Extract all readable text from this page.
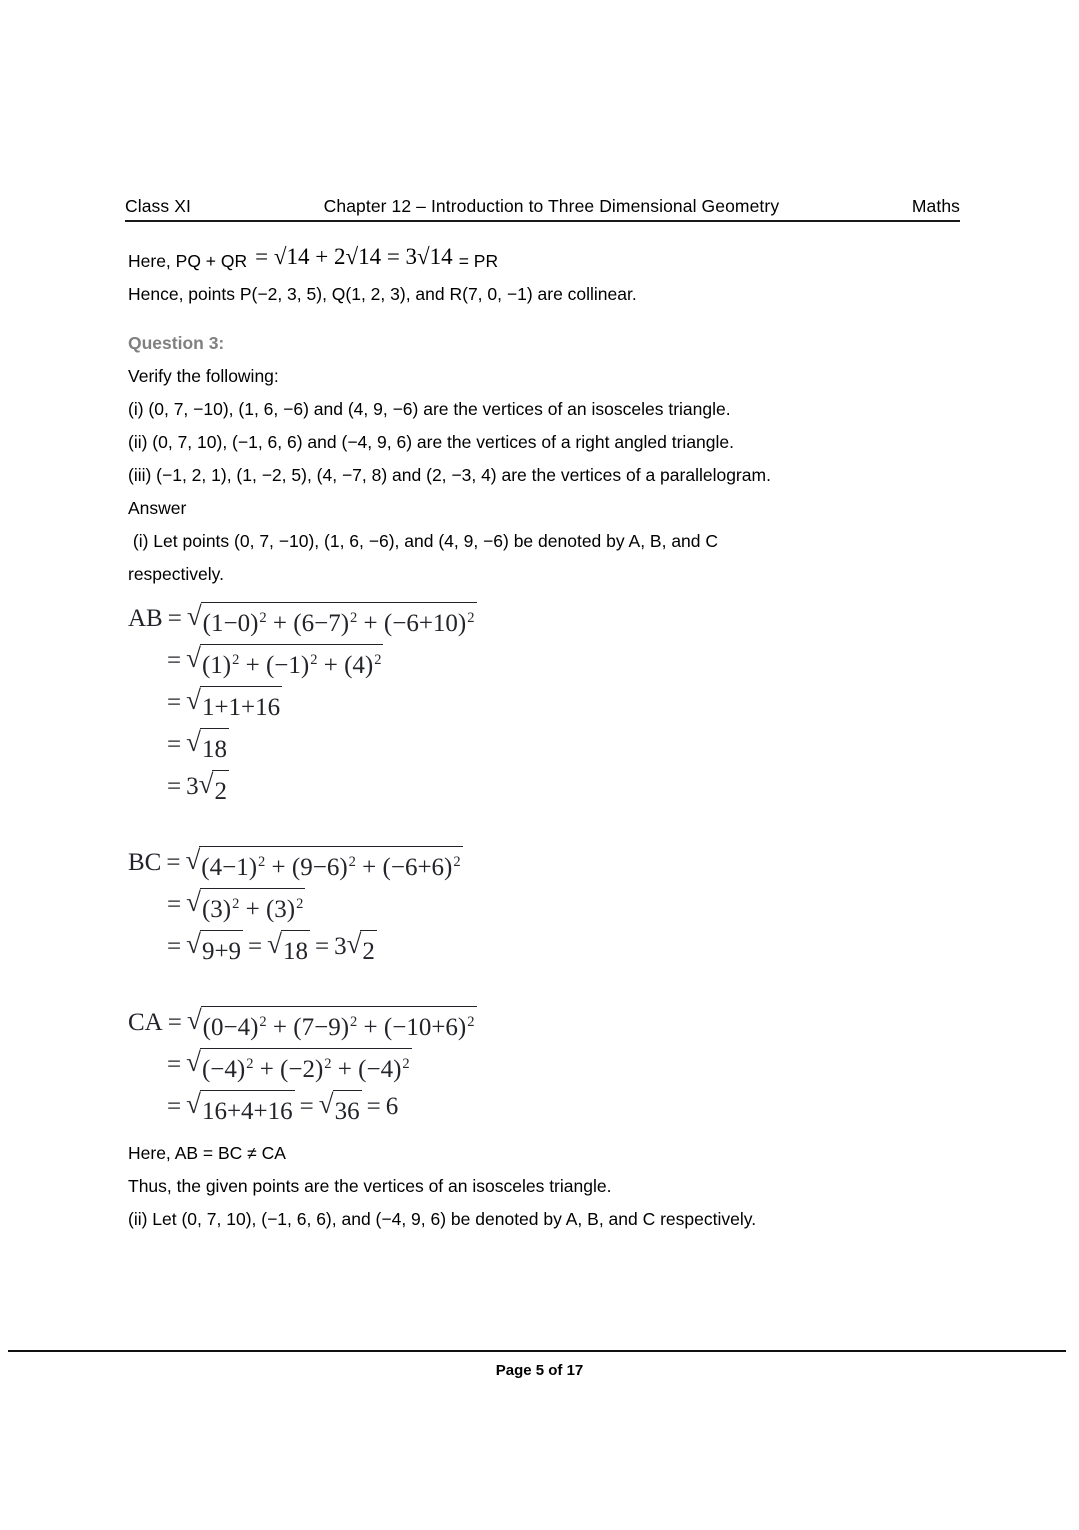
Class XI	Chapter 12 – Introduction to Three Dimensional Geometry	Maths
Here, PQ + QR = √14 + 2√14 = 3√14 = PR
Hence, points P(−2, 3, 5), Q(1, 2, 3), and R(7, 0, −1) are collinear.
Question 3:
Verify the following:
(i) (0, 7, −10), (1, 6, −6) and (4, 9, −6) are the vertices of an isosceles triangle.
(ii) (0, 7, 10), (−1, 6, 6) and (−4, 9, 6) are the vertices of a right angled triangle.
(iii) (−1, 2, 1), (1, −2, 5), (4, −7, 8) and (2, −3, 4) are the vertices of a parallelogram.
Answer
(i) Let points (0, 7, −10), (1, 6, −6), and (4, 9, −6) be denoted by A, B, and C
respectively.
AB = √ $(1-0)^2 + (6-7)^2 + (-6+10)^2$
= √ $(1)^2 + (-1)^2 + (4)^2$
= √ 1+1+16
= √ 18
= 3 √ 2
BC = √ $(4-1)^2 + (9-6)^2 + (-6+6)^2$
= √ $(3)^2 + (3)^2$
= √ 9+9 = √ 18 = 3 √ 2
CA = √ $(0-4)^2 + (7-9)^2 + (-10+6)^2$
= √ $(-4)^2 + (-2)^2 + (-4)^2$
= √ 16+4+16 = √ 36 = 6
Here, AB = BC ≠ CA
Thus, the given points are the vertices of an isosceles triangle.
(ii) Let (0, 7, 10), (−1, 6, 6), and (−4, 9, 6) be denoted by A, B, and C respectively.
Page 5 of 17
